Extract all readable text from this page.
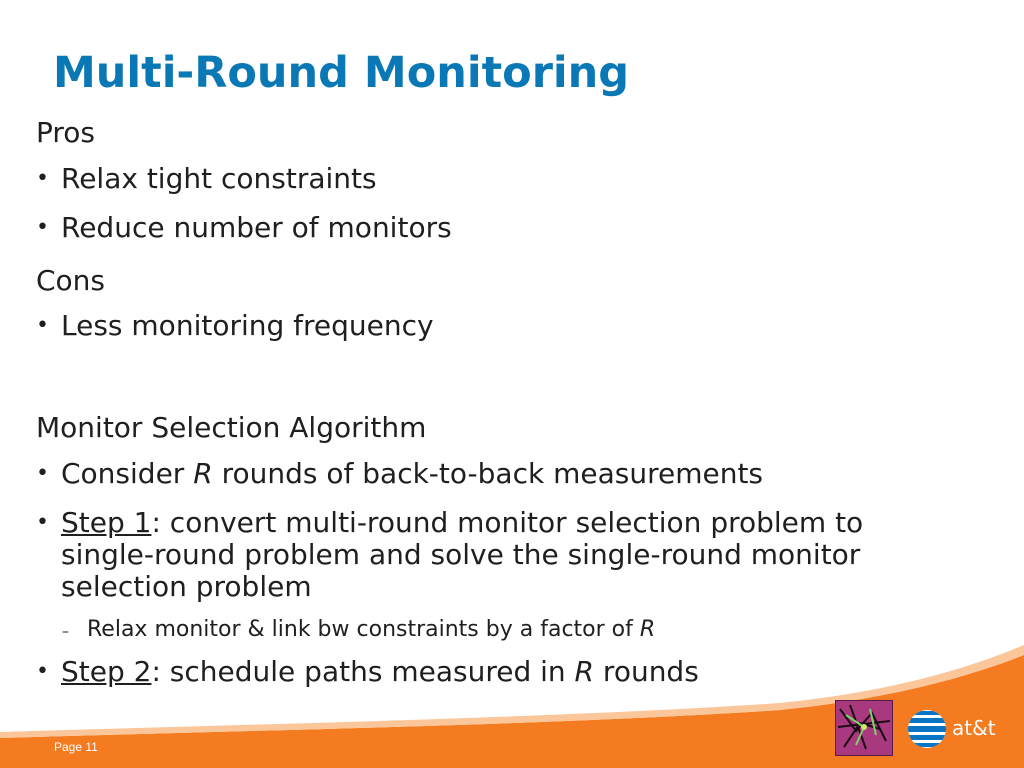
Multi-Round Monitoring
Pros
• Relax tight constraints
• Reduce number of monitors
Cons
• Less monitoring frequency
Monitor Selection Algorithm
• Consider R rounds of back-to-back measurements
• Step 1: convert multi-round monitor selection problem to single-round problem and solve the single-round monitor selection problem
– Relax monitor & link bw constraints by a factor of R
• Step 2: schedule paths measured in R rounds
Page 11
at&t
